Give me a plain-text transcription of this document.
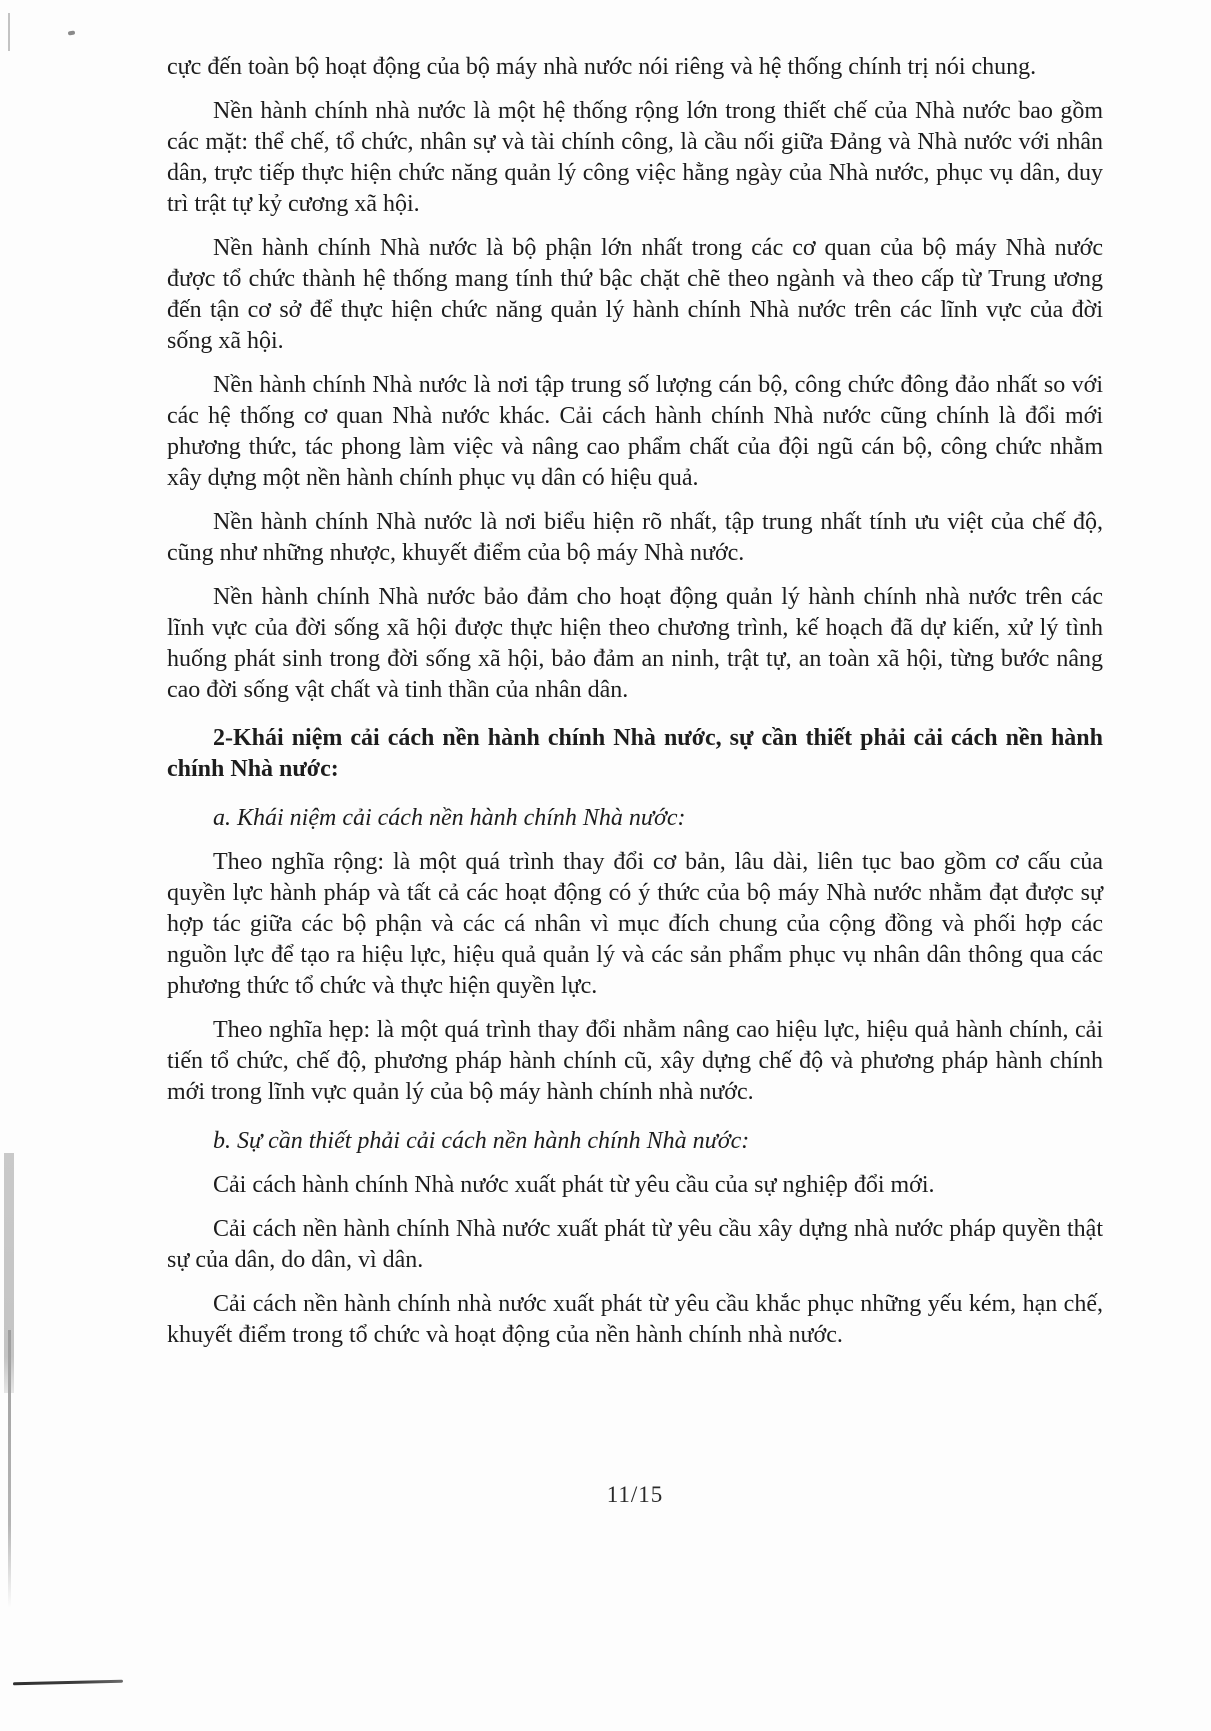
cực đến toàn bộ hoạt động của bộ máy nhà nước nói riêng và hệ thống chính trị nói chung.

Nền hành chính nhà nước là một hệ thống rộng lớn trong thiết chế của Nhà nước bao gồm các mặt: thể chế, tổ chức, nhân sự và tài chính công, là cầu nối giữa Đảng và Nhà nước với nhân dân, trực tiếp thực hiện chức năng quản lý công việc hằng ngày của Nhà nước, phục vụ dân, duy trì trật tự kỷ cương xã hội.

Nền hành chính Nhà nước là bộ phận lớn nhất trong các cơ quan của bộ máy Nhà nước được tổ chức thành hệ thống mang tính thứ bậc chặt chẽ theo ngành và theo cấp từ Trung ương đến tận cơ sở để thực hiện chức năng quản lý hành chính Nhà nước trên các lĩnh vực của đời sống xã hội.

Nền hành chính Nhà nước là nơi tập trung số lượng cán bộ, công chức đông đảo nhất so với các hệ thống cơ quan Nhà nước khác. Cải cách hành chính Nhà nước cũng chính là đổi mới phương thức, tác phong làm việc và nâng cao phẩm chất của đội ngũ cán bộ, công chức nhằm xây dựng một nền hành chính phục vụ dân có hiệu quả.

Nền hành chính Nhà nước là nơi biểu hiện rõ nhất, tập trung nhất tính ưu việt của chế độ, cũng như những nhược, khuyết điểm của bộ máy Nhà nước.

Nền hành chính Nhà nước bảo đảm cho hoạt động quản lý hành chính nhà nước trên các lĩnh vực của đời sống xã hội được thực hiện theo chương trình, kế hoạch đã dự kiến, xử lý tình huống phát sinh trong đời sống xã hội, bảo đảm an ninh, trật tự, an toàn xã hội, từng bước nâng cao đời sống vật chất và tinh thần của nhân dân.

2-Khái niệm cải cách nền hành chính Nhà nước, sự cần thiết phải cải cách nền hành chính Nhà nước:

a. Khái niệm cải cách nền hành chính Nhà nước:

Theo nghĩa rộng: là một quá trình thay đổi cơ bản, lâu dài, liên tục bao gồm cơ cấu của quyền lực hành pháp và tất cả các hoạt động có ý thức của bộ máy Nhà nước nhằm đạt được sự hợp tác giữa các bộ phận và các cá nhân vì mục đích chung của cộng đồng và phối hợp các nguồn lực để tạo ra hiệu lực, hiệu quả quản lý và các sản phẩm phục vụ nhân dân thông qua các phương thức tổ chức và thực hiện quyền lực.

Theo nghĩa hẹp: là một quá trình thay đổi nhằm nâng cao hiệu lực, hiệu quả hành chính, cải tiến tổ chức, chế độ, phương pháp hành chính cũ, xây dựng chế độ và phương pháp hành chính mới trong lĩnh vực quản lý của bộ máy hành chính nhà nước.

b. Sự cần thiết phải cải cách nền hành chính Nhà nước:

Cải cách hành chính Nhà nước xuất phát từ yêu cầu của sự nghiệp đổi mới.

Cải cách nền hành chính Nhà nước xuất phát từ yêu cầu xây dựng nhà nước pháp quyền thật sự của dân, do dân, vì dân.

Cải cách nền hành chính nhà nước xuất phát từ yêu cầu khắc phục những yếu kém, hạn chế, khuyết điểm trong tổ chức và hoạt động của nền hành chính nhà nước.

11/15
